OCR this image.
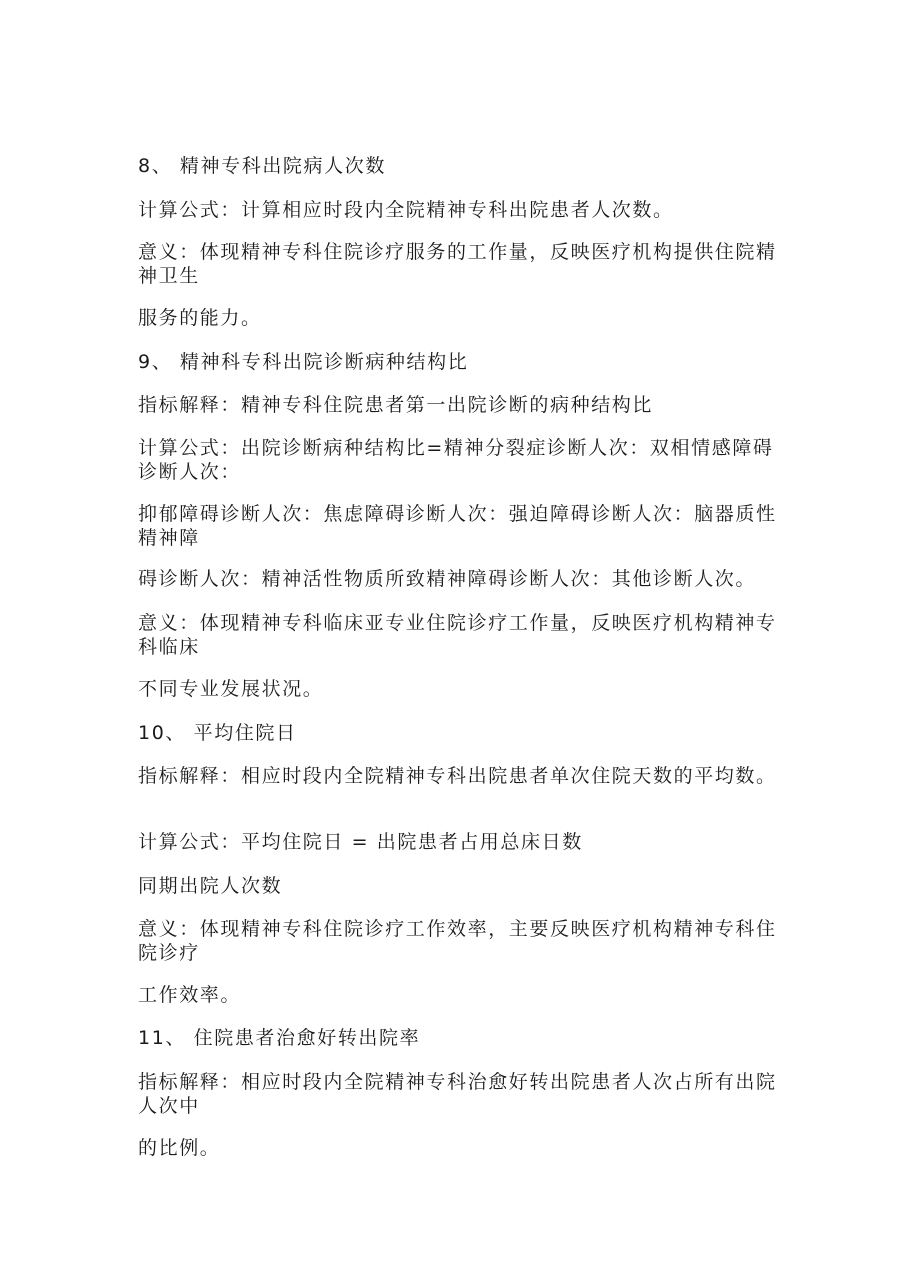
8、 精神专科出院病人次数
计算公式：计算相应时段内全院精神专科出院患者人次数。
意义：体现精神专科住院诊疗服务的工作量，反映医疗机构提供住院精神卫生
服务的能力。
9、 精神科专科出院诊断病种结构比
指标解释：精神专科住院患者第一出院诊断的病种结构比
计算公式：出院诊断病种结构比=精神分裂症诊断人次：双相情感障碍诊断人次：
抑郁障碍诊断人次：焦虑障碍诊断人次：强迫障碍诊断人次：脑器质性精神障
碍诊断人次：精神活性物质所致精神障碍诊断人次：其他诊断人次。
意义：体现精神专科临床亚专业住院诊疗工作量，反映医疗机构精神专科临床
不同专业发展状况。
10、 平均住院日
指标解释：相应时段内全院精神专科出院患者单次住院天数的平均数。
计算公式：平均住院日 = 出院患者占用总床日数
同期出院人次数
意义：体现精神专科住院诊疗工作效率，主要反映医疗机构精神专科住院诊疗
工作效率。
11、 住院患者治愈好转出院率
指标解释：相应时段内全院精神专科治愈好转出院患者人次占所有出院人次中
的比例。
